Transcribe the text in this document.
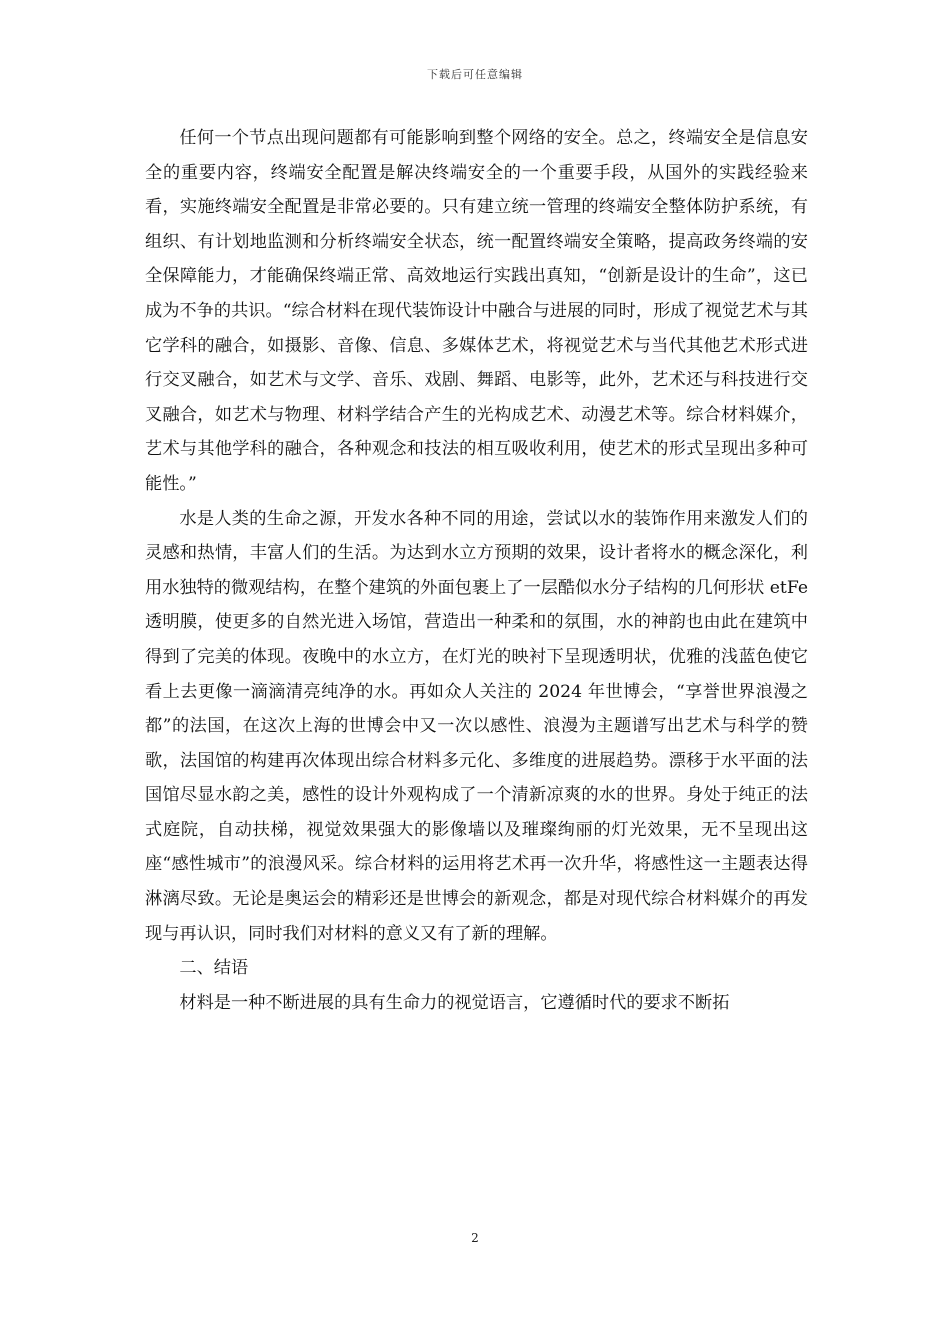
下载后可任意编辑

任何一个节点出现问题都有可能影响到整个网络的安全。总之，终端安全是信息安全的重要内容，终端安全配置是解决终端安全的一个重要手段，从国外的实践经验来看，实施终端安全配置是非常必要的。只有建立统一管理的终端安全整体防护系统，有组织、有计划地监测和分析终端安全状态，统一配置终端安全策略，提高政务终端的安全保障能力，才能确保终端正常、高效地运行实践出真知，“创新是设计的生命”，这已成为不争的共识。“综合材料在现代装饰设计中融合与进展的同时，形成了视觉艺术与其它学科的融合，如摄影、音像、信息、多媒体艺术，将视觉艺术与当代其他艺术形式进行交叉融合，如艺术与文学、音乐、戏剧、舞蹈、电影等，此外，艺术还与科技进行交叉融合，如艺术与物理、材料学结合产生的光构成艺术、动漫艺术等。综合材料媒介，艺术与其他学科的融合，各种观念和技法的相互吸收利用，使艺术的形式呈现出多种可能性。”

水是人类的生命之源，开发水各种不同的用途，尝试以水的装饰作用来激发人们的灵感和热情，丰富人们的生活。为达到水立方预期的效果，设计者将水的概念深化，利用水独特的微观结构，在整个建筑的外面包裹上了一层酷似水分子结构的几何形状 etFe 透明膜，使更多的自然光进入场馆，营造出一种柔和的氛围，水的神韵也由此在建筑中得到了完美的体现。夜晚中的水立方，在灯光的映衬下呈现透明状，优雅的浅蓝色使它看上去更像一滴滴清亮纯净的水。再如众人关注的 2024 年世博会，“享誉世界浪漫之都”的法国，在这次上海的世博会中又一次以感性、浪漫为主题谱写出艺术与科学的赞歌，法国馆的构建再次体现出综合材料多元化、多维度的进展趋势。漂移于水平面的法国馆尽显水韵之美，感性的设计外观构成了一个清新凉爽的水的世界。身处于纯正的法式庭院，自动扶梯，视觉效果强大的影像墙以及璀璨绚丽的灯光效果，无不呈现出这座“感性城市”的浪漫风采。综合材料的运用将艺术再一次升华，将感性这一主题表达得淋漓尽致。无论是奥运会的精彩还是世博会的新观念，都是对现代综合材料媒介的再发现与再认识，同时我们对材料的意义又有了新的理解。

二、结语

材料是一种不断进展的具有生命力的视觉语言，它遵循时代的要求不断拓

2
